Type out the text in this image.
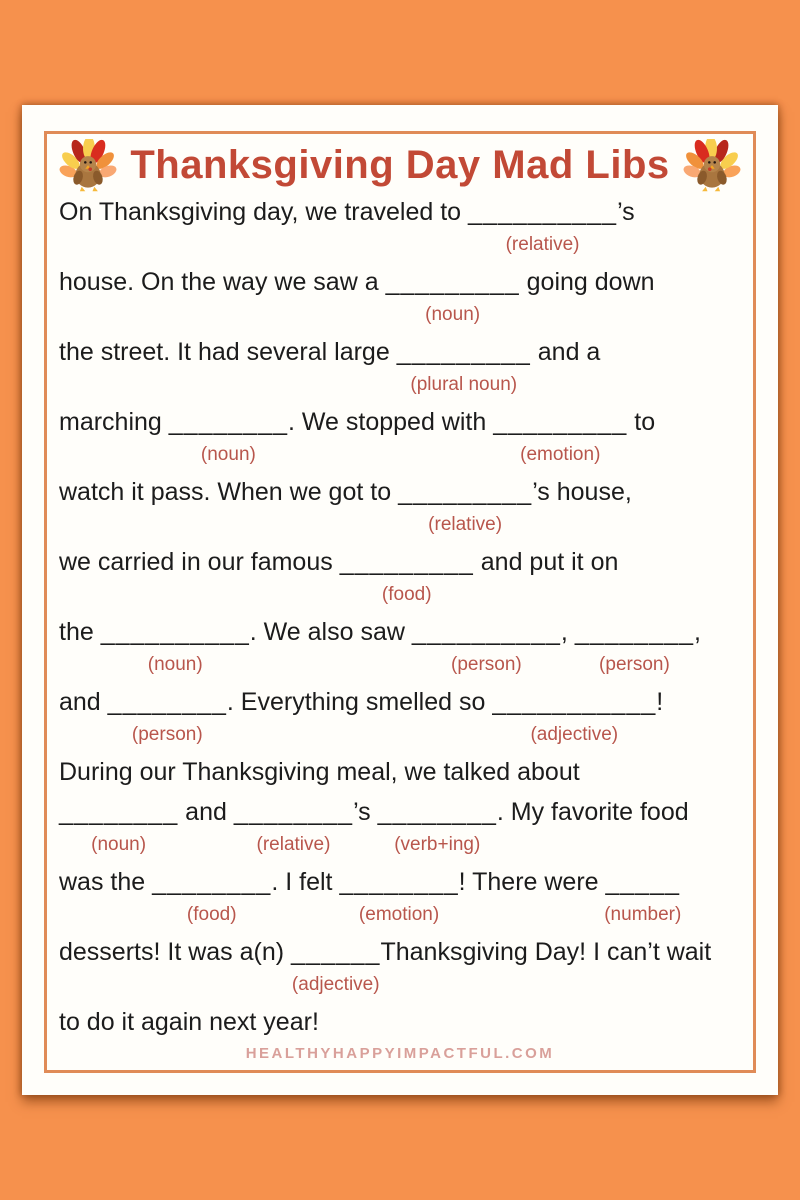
Thanksgiving Day Mad Libs
On Thanksgiving day, we traveled to __________
(relative)
’s
house. On the way we saw a _________
(noun)
going down
the street. It had several large _________
(plural noun)
and a
marching ________
(noun)
. We stopped with _________
(emotion)
to
watch it pass. When we got to _________
(relative)
’s house,
we carried in our famous _________
(food)
and put it on
the __________
(noun)
. We also saw __________
(person)
, ________
(person)
,
and ________
(person)
. Everything smelled so ___________
(adjective)
!
During our Thanksgiving meal, we talked about
________
(noun)
and ________
(relative)
’s ________
(verb+ing)
. My favorite food
was the ________
(food)
. I felt ________
(emotion)
! There were _____
(number)
desserts! It was a(n) ______
(adjective)
Thanksgiving Day! I can’t wait
to do it again next year!
HEALTHYHAPPYIMPACTFUL.COM
